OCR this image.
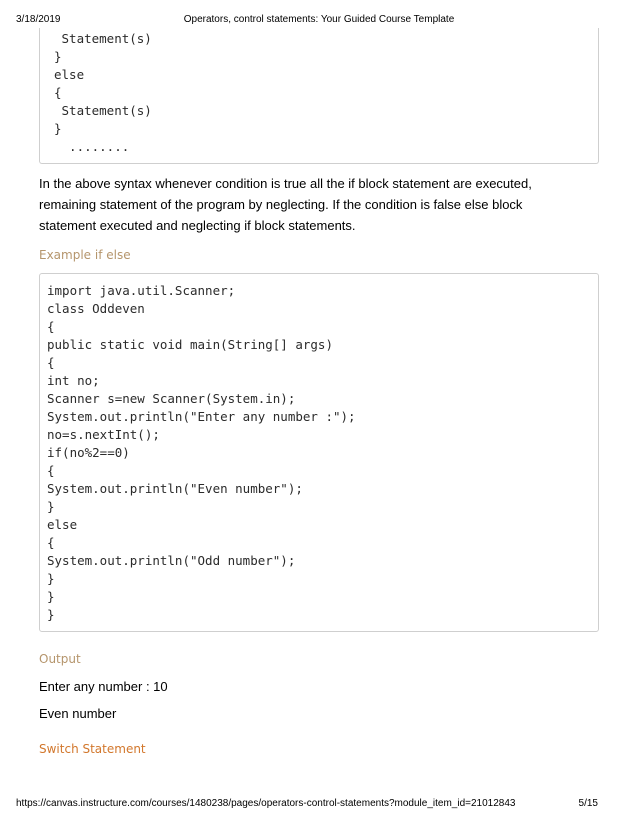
3/18/2019	Operators, control statements: Your Guided Course Template
Statement(s)
}
else
{
Statement(s)
}
........
In the above syntax whenever condition is true all the if block statement are executed, remaining statement of the program by neglecting. If the condition is false else block statement executed and neglecting if block statements.
Example if else
import java.util.Scanner;
class Oddeven
{
public static void main(String[] args)
{
int no;
Scanner s=new Scanner(System.in);
System.out.println("Enter any number :");
no=s.nextInt();
if(no%2==0)
{
System.out.println("Even number");
}
else
{
System.out.println("Odd number");
}
}
}
Output
Enter any number : 10
Even number
Switch Statement
https://canvas.instructure.com/courses/1480238/pages/operators-control-statements?module_item_id=21012843	5/15
